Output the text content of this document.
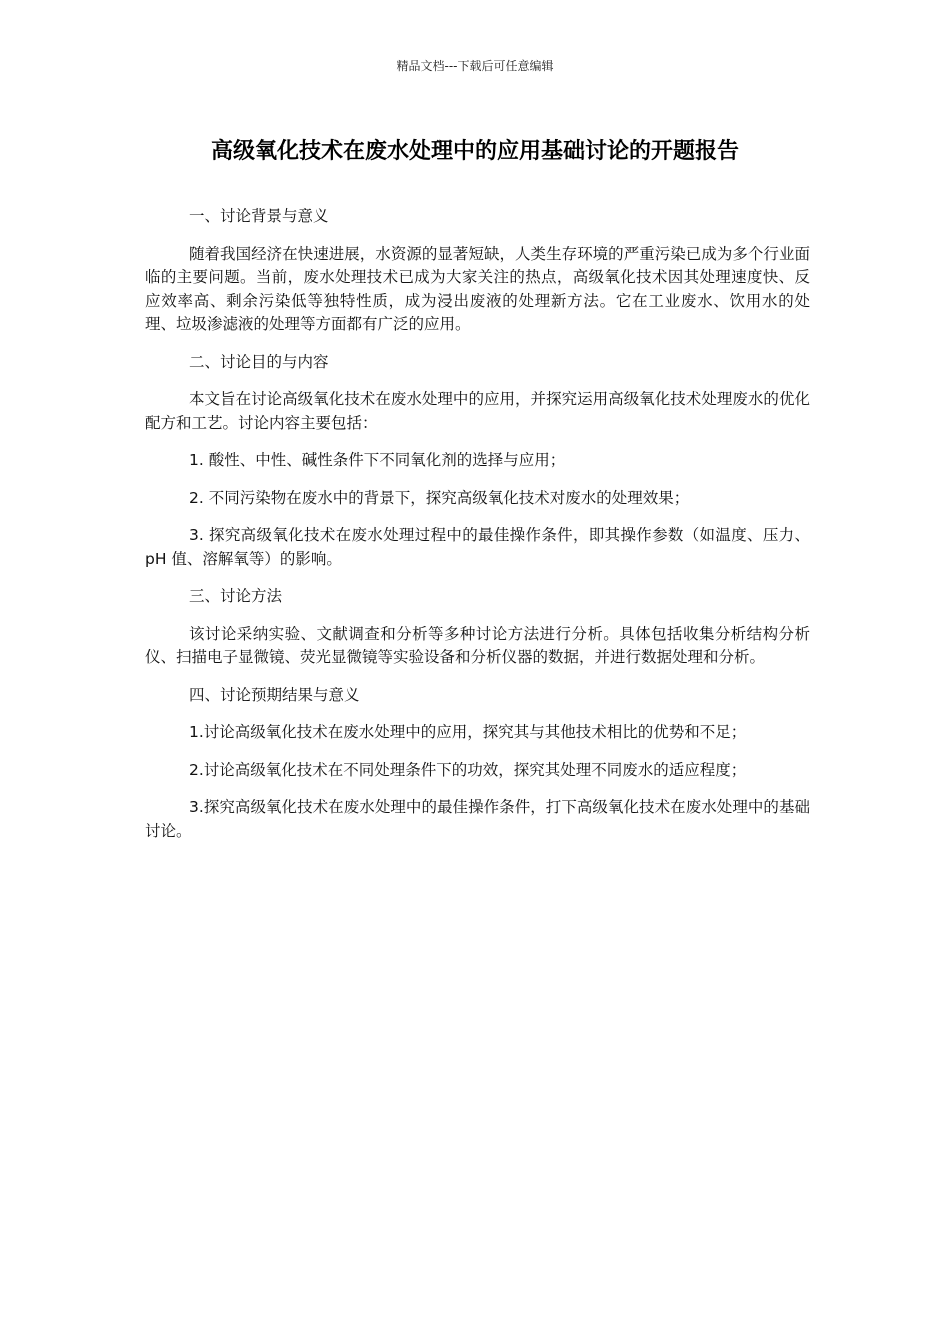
精品文档---下载后可任意编辑
高级氧化技术在废水处理中的应用基础讨论的开题报告

一、讨论背景与意义

随着我国经济在快速进展，水资源的显著短缺，人类生存环境的严重污染已成为多个行业面临的主要问题。当前，废水处理技术已成为大家关注的热点，高级氧化技术因其处理速度快、反应效率高、剩余污染低等独特性质，成为浸出废液的处理新方法。它在工业废水、饮用水的处理、垃圾渗滤液的处理等方面都有广泛的应用。

二、讨论目的与内容

本文旨在讨论高级氧化技术在废水处理中的应用，并探究运用高级氧化技术处理废水的优化配方和工艺。讨论内容主要包括：

1. 酸性、中性、碱性条件下不同氧化剂的选择与应用；

2. 不同污染物在废水中的背景下，探究高级氧化技术对废水的处理效果；

3. 探究高级氧化技术在废水处理过程中的最佳操作条件，即其操作参数（如温度、压力、pH 值、溶解氧等）的影响。

三、讨论方法

该讨论采纳实验、文献调查和分析等多种讨论方法进行分析。具体包括收集分析结构分析仪、扫描电子显微镜、荧光显微镜等实验设备和分析仪器的数据，并进行数据处理和分析。

四、讨论预期结果与意义

1.讨论高级氧化技术在废水处理中的应用，探究其与其他技术相比的优势和不足；

2.讨论高级氧化技术在不同处理条件下的功效，探究其处理不同废水的适应程度；

3.探究高级氧化技术在废水处理中的最佳操作条件，打下高级氧化技术在废水处理中的基础讨论。
